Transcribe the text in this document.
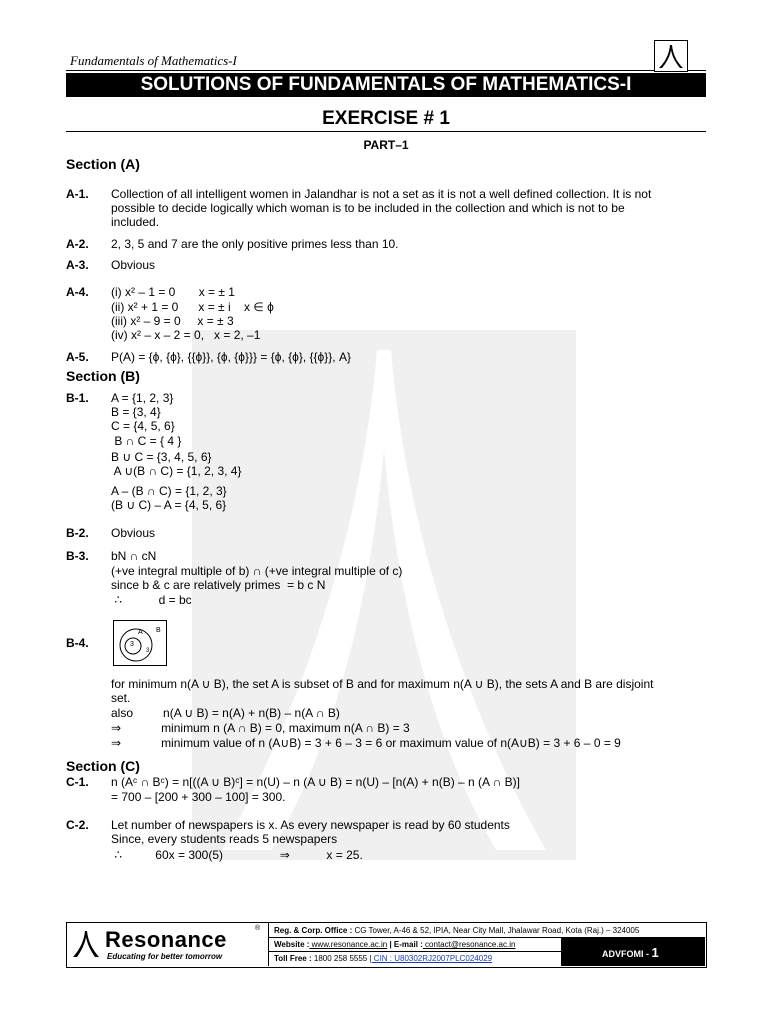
Fundamentals of Mathematics-I
SOLUTIONS OF FUNDAMENTALS OF MATHEMATICS-I
EXERCISE # 1
PART–1
Section (A)
A-1. Collection of all intelligent women in Jalandhar is not a set as it is not a well defined collection. It is not
possible to decide logically which woman is to be included in the collection and which is not to be
included.
A-2. 2, 3, 5 and 7 are the only positive primes less than 10.
A-3. Obvious
A-4. (i) x² – 1 = 0       x = ± 1
(ii) x² + 1 = 0      x = ± i    x ∈ ϕ
(iii) x² – 9 = 0     x = ± 3
(iv) x² – x – 2 = 0,   x = 2, –1
A-5. P(A) = {ϕ, {ϕ}, {{ϕ}}, {ϕ, {ϕ}}} = {ϕ, {ϕ}, {{ϕ}}, A}
Section (B)
B-1. A = {1, 2, 3}
B = {3, 4}
C = {4, 5, 6}
B ∩ C = { 4 }
B ∪ C = {3, 4, 5, 6}
A ∪(B ∩ C) = {1, 2, 3, 4}
A – (B ∩ C) = {1, 2, 3}
(B ∪ C) – A = {4, 5, 6}
B-2. Obvious
B-3. bN ∩ cN
(+ve integral multiple of b) ∩ (+ve integral multiple of c)
since b & c are relatively primes  = b c N
∴           d = bc
B-4.
A B
3
3
for minimum n(A ∪ B), the set A is subset of B and for maximum n(A ∪ B), the sets A and B are disjoint
set.
also         n(A ∪ B) = n(A) + n(B) – n(A ∩ B)
⇒            minimum n (A ∩ B) = 0, maximum n(A ∩ B) = 3
⇒            minimum value of n (A∪B) = 3 + 6 – 3 = 6 or maximum value of n(A∪B) = 3 + 6 – 0 = 9
Section (C)
C-1. n (Aᶜ ∩ Bᶜ) = n[((A ∪ B)ᶜ] = n(U) – n (A ∪ B) = n(U) – [n(A) + n(B) – n (A ∩ B)]
= 700 – [200 + 300 – 100] = 300.
C-2. Let number of newspapers is x. As every newspaper is read by 60 students
Since, every students reads 5 newspapers
∴          60x = 300(5)                 ⇒           x = 25.
Resonance
Educating for better tomorrow
® Reg. & Corp. Office : CG Tower, A-46 & 52, IPIA, Near City Mall, Jhalawar Road, Kota (Raj.) – 324005
Website : www.resonance.ac.in | E-mail : contact@resonance.ac.in
Toll Free : 1800 258 5555 | CIN : U80302RJ2007PLC024029	ADVFOMI - 1
